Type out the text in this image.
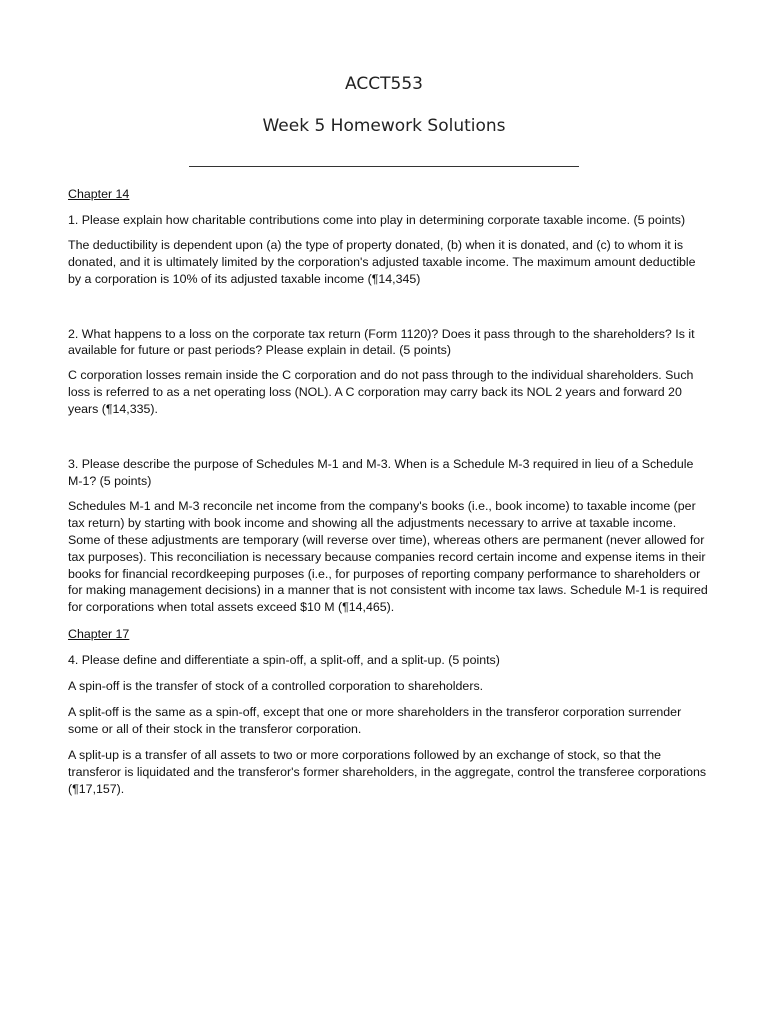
ACCT553
Week 5 Homework Solutions

Chapter 14

1. Please explain how charitable contributions come into play in determining corporate taxable income. (5 points)

The deductibility is dependent upon (a) the type of property donated, (b) when it is donated, and (c) to whom it is donated, and it is ultimately limited by the corporation's adjusted taxable income. The maximum amount deductible by a corporation is 10% of its adjusted taxable income (¶14,345)

2. What happens to a loss on the corporate tax return (Form 1120)? Does it pass through to the shareholders? Is it available for future or past periods? Please explain in detail. (5 points)

C corporation losses remain inside the C corporation and do not pass through to the individual shareholders. Such loss is referred to as a net operating loss (NOL). A C corporation may carry back its NOL 2 years and forward 20 years (¶14,335).

3. Please describe the purpose of Schedules M-1 and M-3. When is a Schedule M-3 required in lieu of a Schedule M-1? (5 points)

Schedules M-1 and M-3 reconcile net income from the company's books (i.e., book income) to taxable income (per tax return) by starting with book income and showing all the adjustments necessary to arrive at taxable income. Some of these adjustments are temporary (will reverse over time), whereas others are permanent (never allowed for tax purposes). This reconciliation is necessary because companies record certain income and expense items in their books for financial recordkeeping purposes (i.e., for purposes of reporting company performance to shareholders or for making management decisions) in a manner that is not consistent with income tax laws. Schedule M-1 is required for corporations when total assets exceed $10 M (¶14,465).

Chapter 17

4. Please define and differentiate a spin-off, a split-off, and a split-up. (5 points)

A spin-off is the transfer of stock of a controlled corporation to shareholders.

A split-off is the same as a spin-off, except that one or more shareholders in the transferor corporation surrender some or all of their stock in the transferor corporation.

A split-up is a transfer of all assets to two or more corporations followed by an exchange of stock, so that the transferor is liquidated and the transferor's former shareholders, in the aggregate, control the transferee corporations (¶17,157).
